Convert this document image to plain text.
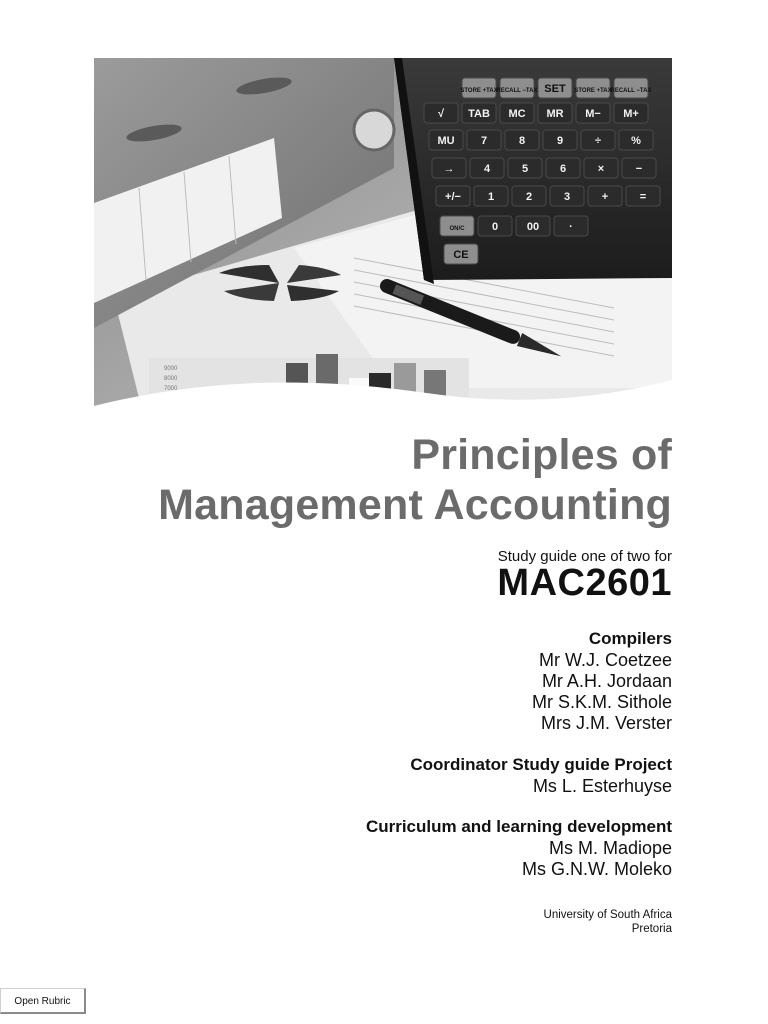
9000
8000
7000
STORE +TAX
RECALL −TAX SET STORE +TAX
RECALL −TAX
√ TAB MC MR M− M+
MU 7	8	9	÷	%
→	4	5	6	×	−
+/− 1	2	3	+	=
ON/C 0	00	·
CE
Principles of
Management Accounting
Study guide one of two for
MAC2601
Compilers
Mr W.J. Coetzee
Mr A.H. Jordaan
Mr S.K.M. Sithole
Mrs J.M. Verster
Coordinator Study guide Project
Ms L. Esterhuyse
Curriculum and learning development
Ms M. Madiope
Ms G.N.W. Moleko
University of South Africa
Pretoria
Open Rubric
